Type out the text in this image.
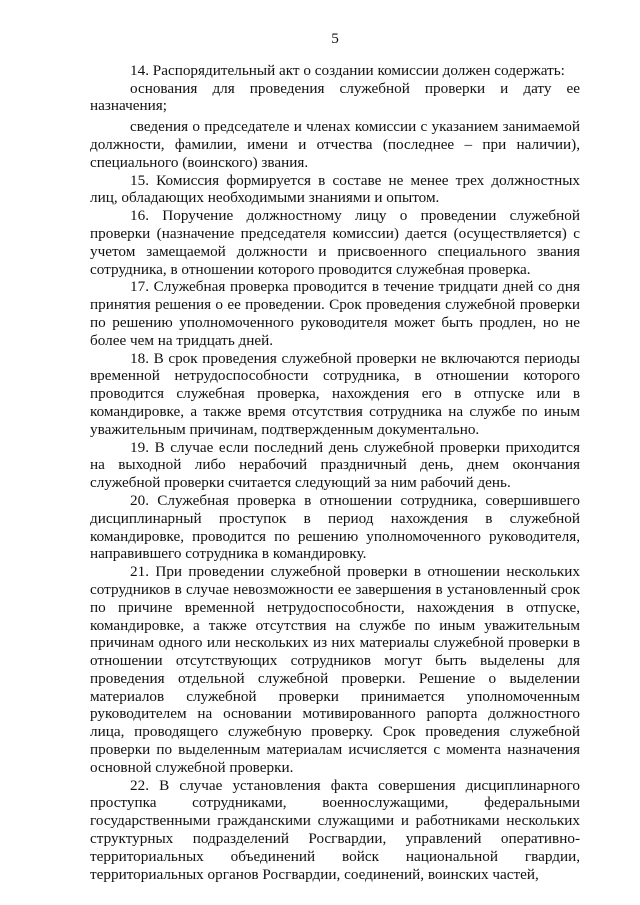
5

14. Распорядительный акт о создании комиссии должен содержать:

основания для проведения служебной проверки и дату ее назначения;

сведения о председателе и членах комиссии с указанием занимаемой должности, фамилии, имени и отчества (последнее – при наличии), специального (воинского) звания.

15. Комиссия формируется в составе не менее трех должностных лиц, обладающих необходимыми знаниями и опытом.

16. Поручение должностному лицу о проведении служебной проверки (назначение председателя комиссии) дается (осуществляется) с учетом замещаемой должности и присвоенного специального звания сотрудника, в отношении которого проводится служебная проверка.

17. Служебная проверка проводится в течение тридцати дней со дня принятия решения о ее проведении. Срок проведения служебной проверки по решению уполномоченного руководителя может быть продлен, но не более чем на тридцать дней.

18. В срок проведения служебной проверки не включаются периоды временной нетрудоспособности сотрудника, в отношении которого проводится служебная проверка, нахождения его в отпуске или в командировке, а также время отсутствия сотрудника на службе по иным уважительным причинам, подтвержденным документально.

19. В случае если последний день служебной проверки приходится на выходной либо нерабочий праздничный день, днем окончания служебной проверки считается следующий за ним рабочий день.

20. Служебная проверка в отношении сотрудника, совершившего дисциплинарный проступок в период нахождения в служебной командировке, проводится по решению уполномоченного руководителя, направившего сотрудника в командировку.

21. При проведении служебной проверки в отношении нескольких сотрудников в случае невозможности ее завершения в установленный срок по причине временной нетрудоспособности, нахождения в отпуске, командировке, а также отсутствия на службе по иным уважительным причинам одного или нескольких из них материалы служебной проверки в отношении отсутствующих сотрудников могут быть выделены для проведения отдельной служебной проверки. Решение о выделении материалов служебной проверки принимается уполномоченным руководителем на основании мотивированного рапорта должностного лица, проводящего служебную проверку. Срок проведения служебной проверки по выделенным материалам исчисляется с момента назначения основной служебной проверки.

22. В случае установления факта совершения дисциплинарного проступка сотрудниками, военнослужащими, федеральными государственными гражданскими служащими и работниками нескольких структурных подразделений Росгвардии, управлений оперативно-территориальных объединений войск национальной гвардии, территориальных органов Росгвардии, соединений, воинских частей,
